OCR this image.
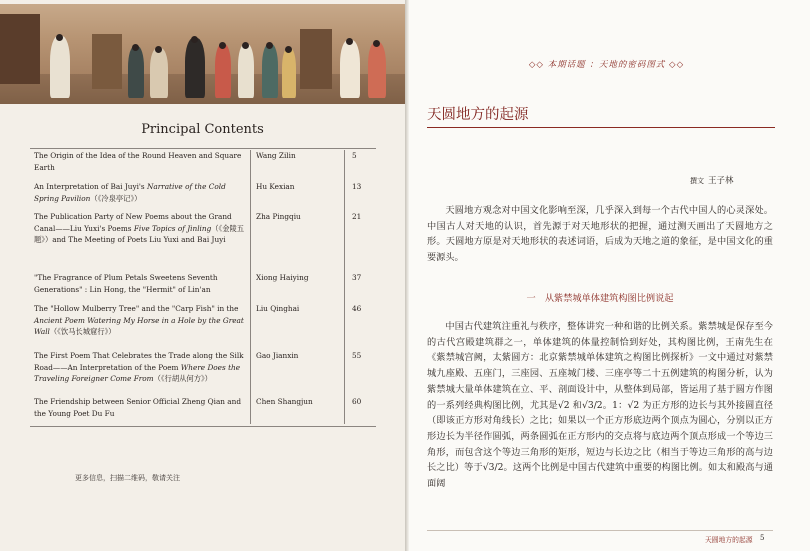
Principal Contents
The Origin of the Idea of the Round Heaven and Square Earth
Wang Zilin	5
An Interpretation of Bai Juyi's Narrative of the Cold Spring Pavilion（《冷泉亭记》）
Hu Kexian	13
The Publication Party of New Poems about the Grand Canal——Liu Yuxi's Poems Five Topics of Jinling（《金陵五题》）and The Meeting of Poets Liu Yuxi and Bai Juyi
Zha Pingqiu	21
"The Fragrance of Plum Petals Sweetens Seventh Generations" : Lin Hong, the "Hermit" of Lin'an
Xiong Haiying	37
The "Hollow Mulberry Tree" and the "Carp Fish" in the Ancient Poem Watering My Horse in a Hole by the Great Wall（《饮马长城窟行》）
Liu Qinghai	46
The First Poem That Celebrates the Trade along the Silk Road——An Interpretation of the Poem Where Does the Traveling Foreigner Come From（《行胡从何方》）
Gao Jianxin	55
The Friendship between Senior Official Zheng Qian and the Young Poet Du Fu
Chen Shangjun	60
更多信息，扫描二维码，敬请关注
◇◇ 本期话题 ：天地的密码图式 ◇◇
天圆地方的起源
撰文 王子林
天圆地方观念对中国文化影响至深，几乎深入到每一个古代中国人的心灵深处。中国古人对天地的认识，首先源于对天地形状的把握，通过测天画出了天圆地方之形。天圆地方原是对天地形状的表述词语，后成为天地之道的象征，是中国文化的重要源头。
一　从紫禁城单体建筑构图比例说起
中国古代建筑注重礼与秩序，整体讲究一种和谐的比例关系。紫禁城是保存至今的古代宫殿建筑群之一，单体建筑的体量控制恰到好处，其构图比例，王南先生在《紫禁城宫阙，太紫圆方：北京紫禁城单体建筑之构图比例探析》一文中通过对紫禁城九座殿、五座门，三座园、五座城门楼、三座亭等二十五例建筑的构图分析，认为紫禁城大量单体建筑在立、平、剖面设计中，从整体到局部，皆运用了基于圆方作图的一系列经典构图比例，尤其是√2 和√3/2。1：√2 为正方形的边长与其外接圆直径（即该正方形对角线长）之比；如果以一个正方形底边两个顶点为圆心，分别以正方形边长为半径作圆弧，两条圆弧在正方形内的交点将与底边两个顶点形成一个等边三角形，而包含这个等边三角形的矩形，短边与长边之比（相当于等边三角形的高与边长之比）等于√3/2。这两个比例是中国古代建筑中重要的构图比例。如太和殿高与通面阔
天圆地方的起源 5
